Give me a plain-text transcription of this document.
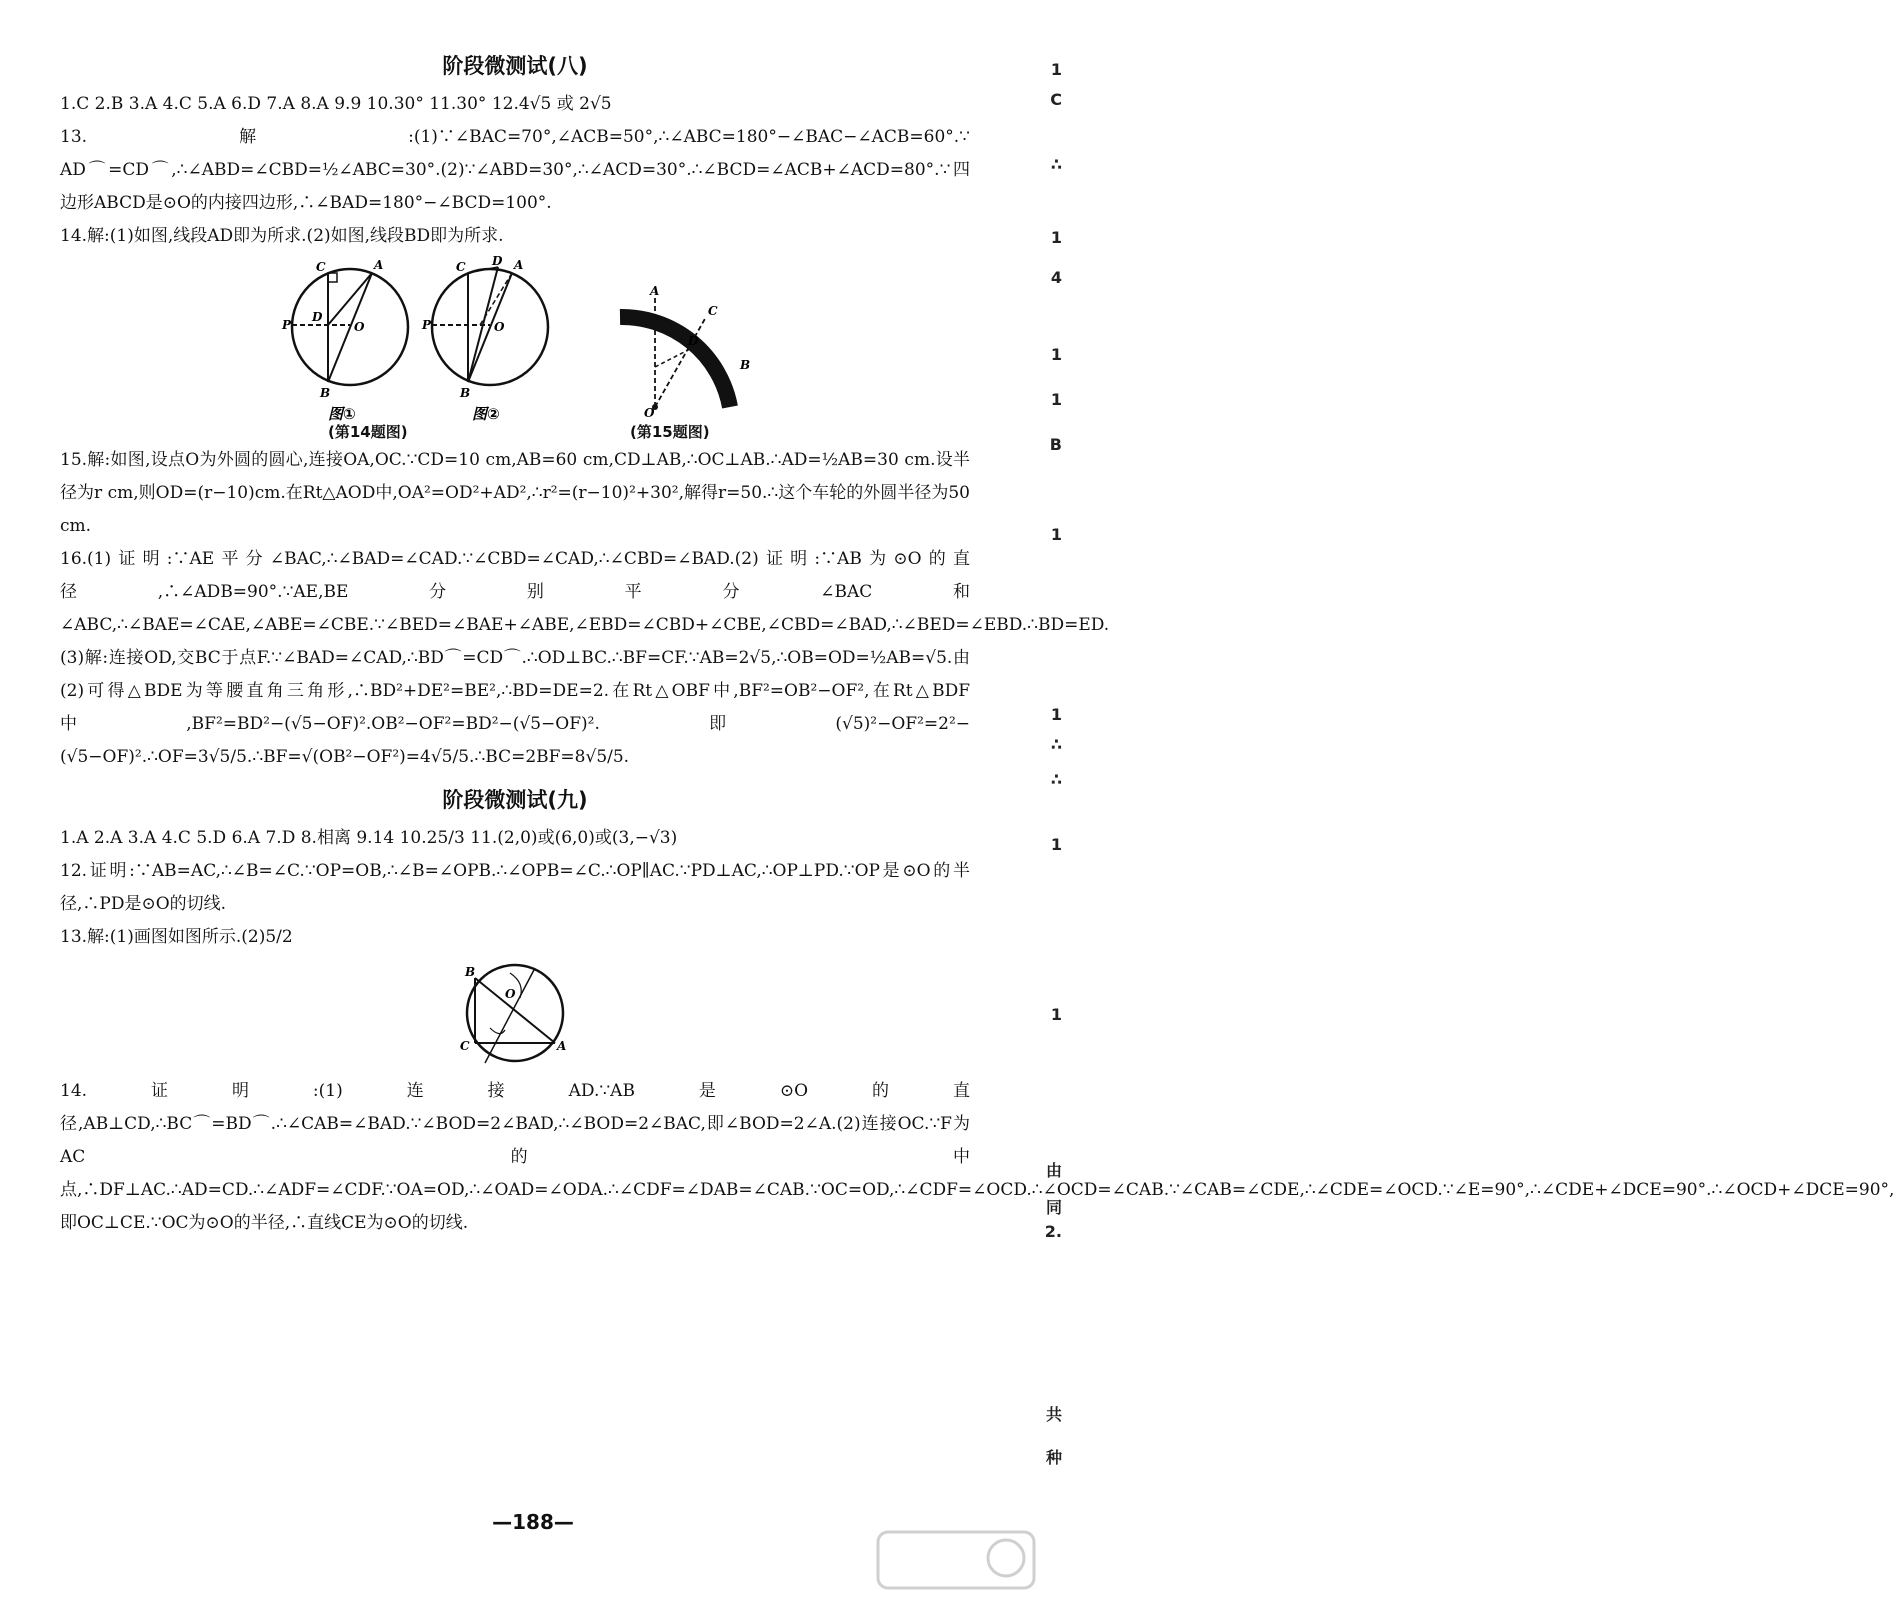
阶段微测试(八)

1.C 2.B 3.A 4.C 5.A 6.D 7.A 8.A 9.9 10.30° 11.30° 12.4√5 或 2√5

13.解:(1)∵∠BAC=70°,∠ACB=50°,∴∠ABC=180°−∠BAC−∠ACB=60°.∵ AD⌒=CD⌒,∴∠ABD=∠CBD=½∠ABC=30°.(2)∵∠ABD=30°,∴∠ACD=30°.∴∠BCD=∠ACB+∠ACD=80°.∵四边形ABCD是⊙O的内接四边形,∴∠BAD=180°−∠BCD=100°.

14.解:(1)如图,线段AD即为所求.(2)如图,线段BD即为所求.

C	A
P
D
O
B
图①
C D A
P	O
B
图②
(第14题图)
A
C
D
B
O
(第15题图)

15.解:如图,设点O为外圆的圆心,连接OA,OC.∵CD=10 cm,AB=60 cm,CD⊥AB,∴OC⊥AB.∴AD=½AB=30 cm.设半径为r cm,则OD=(r−10)cm.在Rt△AOD中,OA²=OD²+AD²,∴r²=(r−10)²+30²,解得r=50.∴这个车轮的外圆半径为50 cm.

16.(1)证明:∵AE平分∠BAC,∴∠BAD=∠CAD.∵∠CBD=∠CAD,∴∠CBD=∠BAD.(2)证明:∵AB为⊙O的直径,∴∠ADB=90°.∵AE,BE分别平分∠BAC和∠ABC,∴∠BAE=∠CAE,∠ABE=∠CBE.∵∠BED=∠BAE+∠ABE,∠EBD=∠CBD+∠CBE,∠CBD=∠BAD,∴∠BED=∠EBD.∴BD=ED.(3)解:连接OD,交BC于点F.∵∠BAD=∠CAD,∴BD⌒=CD⌒.∴OD⊥BC.∴BF=CF.∵AB=2√5,∴OB=OD=½AB=√5.由(2)可得△BDE为等腰直角三角形,∴BD²+DE²=BE²,∴BD=DE=2.在Rt△OBF中,BF²=OB²−OF²,在Rt△BDF中,BF²=BD²−(√5−OF)².OB²−OF²=BD²−(√5−OF)².即(√5)²−OF²=2²−(√5−OF)².∴OF=3√5/5.∴BF=√(OB²−OF²)=4√5/5.∴BC=2BF=8√5/5.

阶段微测试(九)

1.A 2.A 3.A 4.C 5.D 6.A 7.D 8.相离 9.14 10.25/3 11.(2,0)或(6,0)或(3,−√3)

12.证明:∵AB=AC,∴∠B=∠C.∵OP=OB,∴∠B=∠OPB.∴∠OPB=∠C.∴OP∥AC.∵PD⊥AC,∴OP⊥PD.∵OP是⊙O的半径,∴PD是⊙O的切线.

13.解:(1)画图如图所示.(2)5/2

B
O
C	A

14.证明:(1)连接AD.∵AB是⊙O的直径,AB⊥CD,∴BC⌒=BD⌒.∴∠CAB=∠BAD.∵∠BOD=2∠BAD,∴∠BOD=2∠BAC,即∠BOD=2∠A.(2)连接OC.∵F为AC的中点,∴DF⊥AC.∴AD=CD.∴∠ADF=∠CDF.∵OA=OD,∴∠OAD=∠ODA.∴∠CDF=∠DAB=∠CAB.∵OC=OD,∴∠CDF=∠OCD.∴∠OCD=∠CAB.∵∠CAB=∠CDE,∴∠CDE=∠OCD.∵∠E=90°,∴∠CDE+∠DCE=90°.∴∠OCD+∠DCE=90°,即OC⊥CE.∵OC为⊙O的半径,∴直线CE为⊙O的切线.

—188—
1
C
∴
1
4
1
1
B
1
1
∴
∴
1
1
由
同
2.
共
种
